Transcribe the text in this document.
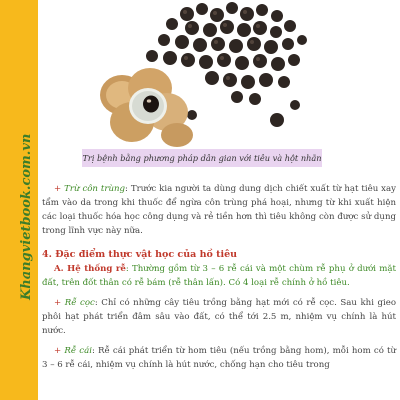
Khangvietbook.com.vn	Trị bệnh bằng phương pháp dân gian với tiêu và hột nhãn

+ Trừ côn trùng: Trước kia người ta dùng dung dịch chiết xuất từ hạt tiêu xay tẩm vào da trong khi thuốc để ngừa côn trùng phá hoại, nhưng từ khi xuất hiện các loại thuốc hóa học công dụng và rẻ tiền hơn thì tiêu không còn được sử dụng trong lĩnh vực này nữa.

4. Đặc điểm thực vật học của hồ tiêu

A. Hệ thống rễ: Thường gồm từ 3 – 6 rễ cái và một chùm rễ phụ ở dưới mặt đất, trên đốt thân có rễ bám (rễ thân lấn). Có 4 loại rễ chính ở hồ tiêu.

+ Rễ cọc: Chỉ có những cây tiêu trồng bằng hạt mới có rễ cọc. Sau khi gieo phôi hạt phát triển đâm sâu vào đất, có thể tới 2.5 m, nhiệm vụ chính là hút nước.

+ Rễ cái: Rễ cái phát triển từ hom tiêu (nếu trồng bằng hom), mỗi hom có từ 3 – 6 rễ cái, nhiệm vụ chính là hút nước, chống hạn cho tiêu trong
